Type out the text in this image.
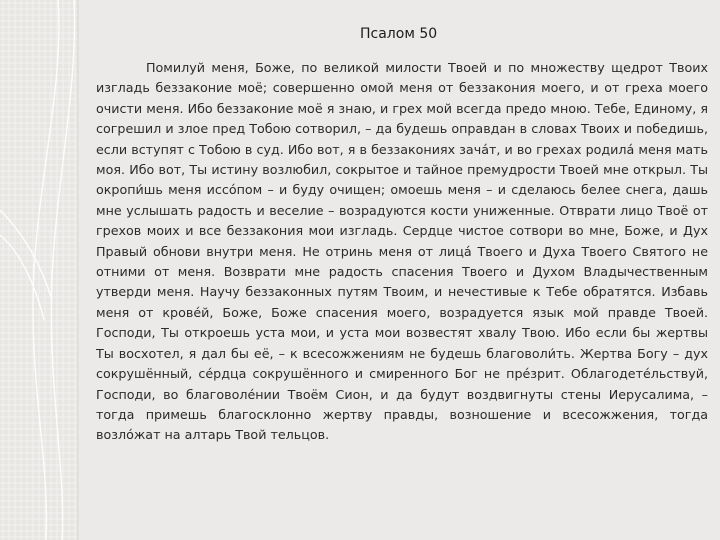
Псалом 50

Помилуй меня, Боже, по великой милости Твоей и по множеству щедрот Твоих изглaдь беззаконие моё; совершенно омой меня от беззакония моего, и от греха моего очисти меня. Ибо беззаконие моё я знаю, и грех мой всегда предо мною. Тебе, Единому, я согрешил и злое пред Тобою сотворил, – да будешь оправдан в словах Твоих и победишь, если вступят с Тобою в суд. Ибо вот, я в беззакониях зачáт, и во грехах родилá меня мать моя. Ибо вот, Ты истину возлюбил, сокрытое и тайное премудрости Твоей мне открыл. Ты окропи́шь меня иссóпом – и буду очищен; омоешь меня – и сделаюсь белее снега, дашь мне услышать радость и веселие – возрадуются кости униженные. Отврати лицо Твоё от грехов моих и все беззакония мои изглaдь. Сердце чистое сотвори во мне, Боже, и Дух Правый обнови внутри меня. Не отринь меня от лицá Твоего и Духа Твоего Святого не отними от меня. Возврати мне радость спасения Твоего и Духом Владычественным утверди меня. Научу беззаконных путям Твоим, и нечестивые к Тебе обратятся. Избавь меня от кровéй, Боже, Боже спасения моего, возрадуется язык мой правде Твоей. Господи, Ты откроешь уста мои, и уста мои возвестят хвалу Твою. Ибо если бы жертвы Ты восхотел, я дал бы её, – к всесожжениям не будешь благоволи́ть. Жертва Богу – дух сокрушённый, сéрдца сокрушённого и смиренного Бог не прéзрит. Облагодетéльствуй, Господи, во благоволéнии Твоём Сион, и да будут воздвигнуты стены Иерусалима, – тогда примешь благосклонно жертву правды, возношение и всесожжения, тогда возлóжат на алтарь Твой тельцов.
